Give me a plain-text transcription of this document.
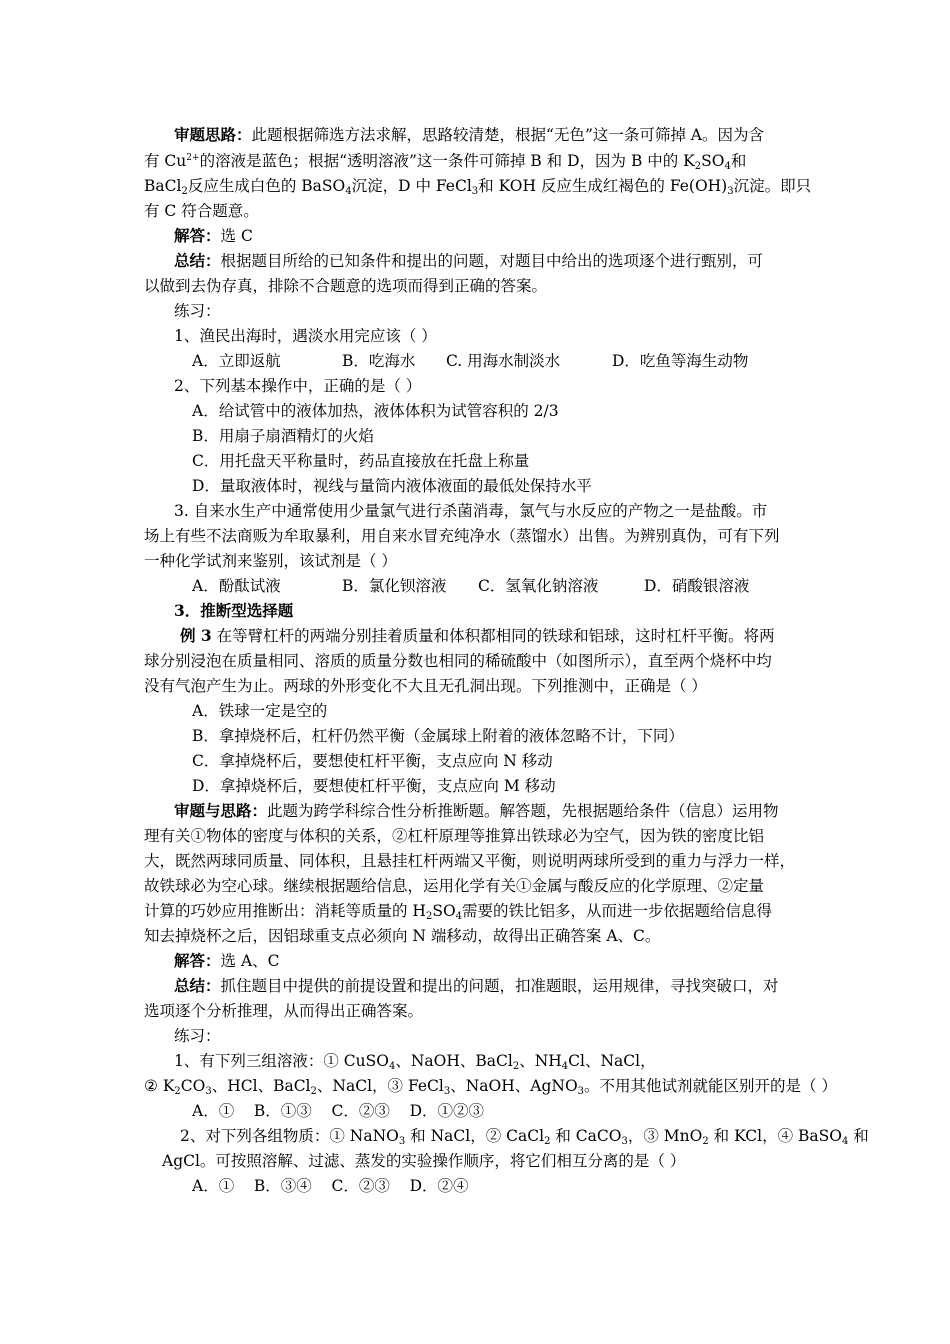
审题思路：此题根据筛选方法求解，思路较清楚，根据“无色”这一条可筛掉 A。因为含
有 $Cu^{2+}$的溶液是蓝色；根据“透明溶液”这一条件可筛掉 B 和 D，因为 B 中的 $K_2SO_4$和
BaCl$_2$反应生成白色的 BaSO$_4$沉淀，D 中 FeCl$_3$和 KOH 反应生成红褐色的 $Fe(OH)_3$沉淀。即只
有 C 符合题意。
解答：选 C
总结：根据题目所给的已知条件和提出的问题，对题目中给出的选项逐个进行甄别，可
以做到去伪存真，排除不合题意的选项而得到正确的答案。
练习：
1、渔民出海时，遇淡水用完应该（ ）
A．立即返航	B．吃海水 C. 用海水制淡水	D．吃鱼等海生动物
2、下列基本操作中，正确的是（ ）
A．给试管中的液体加热，液体体积为试管容积的 2/3
B．用扇子扇酒精灯的火焰
C．用托盘天平称量时，药品直接放在托盘上称量
D．量取液体时，视线与量筒内液体液面的最低处保持水平
3. 自来水生产中通常使用少量氯气进行杀菌消毒，氯气与水反应的产物之一是盐酸。市
场上有些不法商贩为牟取暴利，用自来水冒充纯净水（蒸馏水）出售。为辨别真伪，可有下列
一种化学试剂来鉴别，该试剂是（ ）
A．酚酞试液	B．氯化钡溶液 C．氢氧化钠溶液	D．硝酸银溶液
3．推断型选择题
例 3 在等臂杠杆的两端分别挂着质量和体积都相同的铁球和铝球，这时杠杆平衡。将两
球分别浸泡在质量相同、溶质的质量分数也相同的稀硫酸中（如图所示），直至两个烧杯中均
没有气泡产生为止。两球的外形变化不大且无孔洞出现。下列推测中，正确是（ ）
A．铁球一定是空的
B．拿掉烧杯后，杠杆仍然平衡（金属球上附着的液体忽略不计，下同）
C．拿掉烧杯后，要想使杠杆平衡，支点应向 N 移动
D．拿掉烧杯后，要想使杠杆平衡，支点应向 M 移动
审题与思路：此题为跨学科综合性分析推断题。解答题，先根据题给条件（信息）运用物
理有关①物体的密度与体积的关系，②杠杆原理等推算出铁球必为空气，因为铁的密度比铝
大，既然两球同质量、同体积，且悬挂杠杆两端又平衡，则说明两球所受到的重力与浮力一样，
故铁球必为空心球。继续根据题给信息，运用化学有关①金属与酸反应的化学原理、②定量
计算的巧妙应用推断出：消耗等质量的 $H_2SO_4$需要的铁比铝多，从而进一步依据题给信息得
知去掉烧杯之后，因铝球重支点必须向 N 端移动，故得出正确答案 A、C。
解答：选 A、C
总结：抓住题目中提供的前提设置和提出的问题，扣准题眼，运用规律，寻找突破口，对
选项逐个分析推理，从而得出正确答案。
练习：
1、有下列三组溶液：① CuSO$_4$、NaOH、BaCl$_2$、$NH_4Cl$、NaCl，
② $K_2CO_3$、HCl、BaCl$_2$、NaCl，③ FeCl$_3$、NaOH、AgNO$_3$。不用其他试剂就能区别开的是（ ）
A．①    B．①③    C．②③    D．①②③
2、对下列各组物质：① NaNO$_3$ 和 NaCl，② CaCl$_2$ 和 CaCO$_3$，③ MnO$_2$ 和 KCl，④ BaSO$_4$ 和
AgCl。可按照溶解、过滤、蒸发的实验操作顺序，将它们相互分离的是（ ）
A．①    B．③④    C．②③    D．②④
